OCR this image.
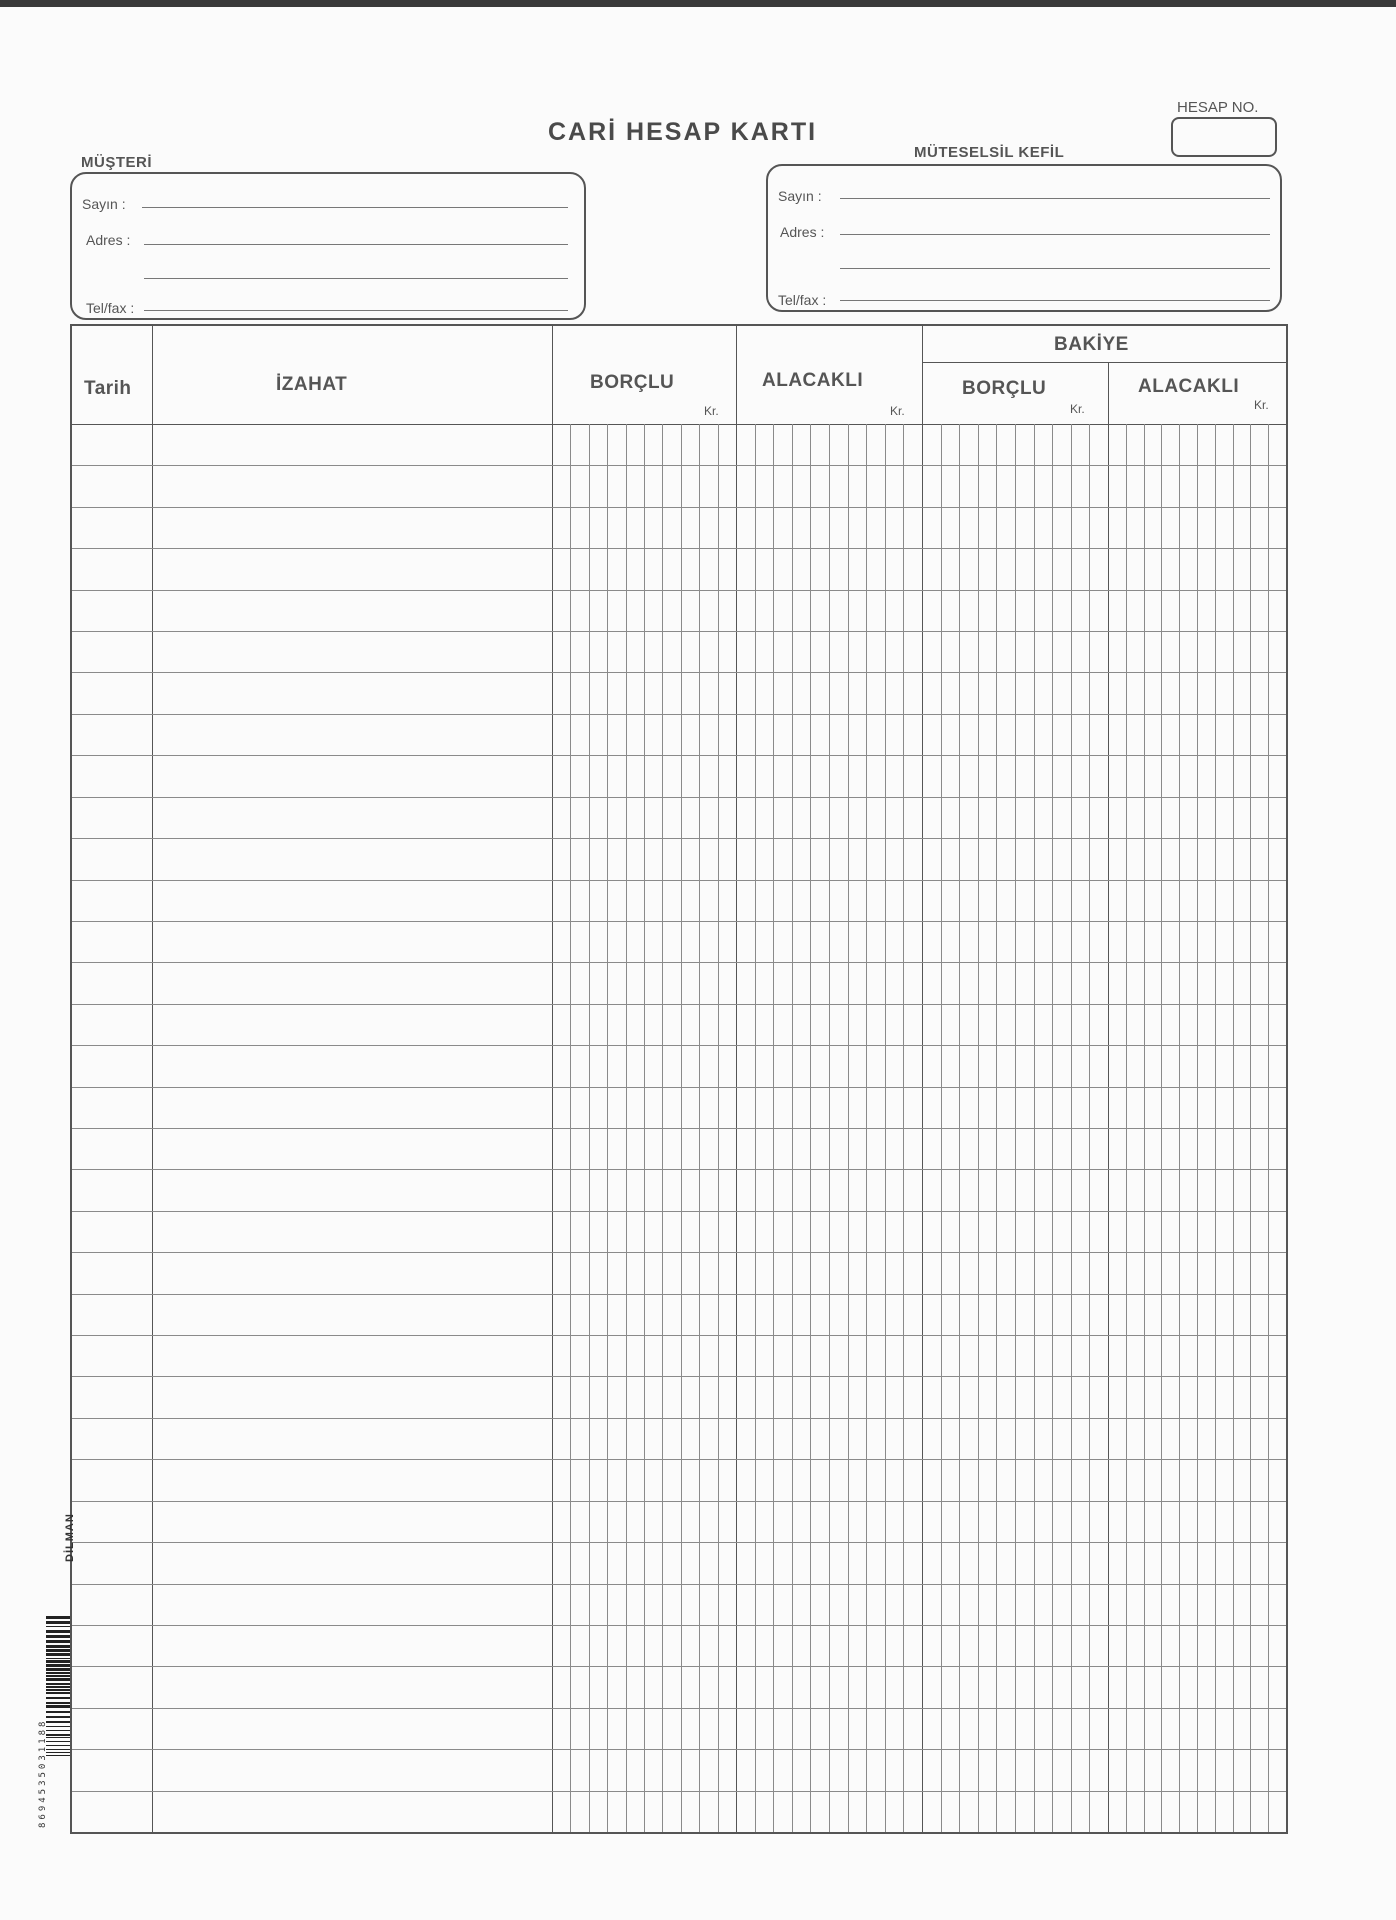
CARİ HESAP KARTI
HESAP NO.
MÜŞTERİ
Sayın :
Adres :
Tel/fax :
MÜTESELSİL KEFİL
Sayın :
Adres :
Tel/fax :
Tarih	İZAHAT	BORÇLU
Kr.
ALACAKLI
Kr.
BAKİYE
BORÇLU
Kr.
ALACAKLI
Kr.
DİLMAN
8694535031188
